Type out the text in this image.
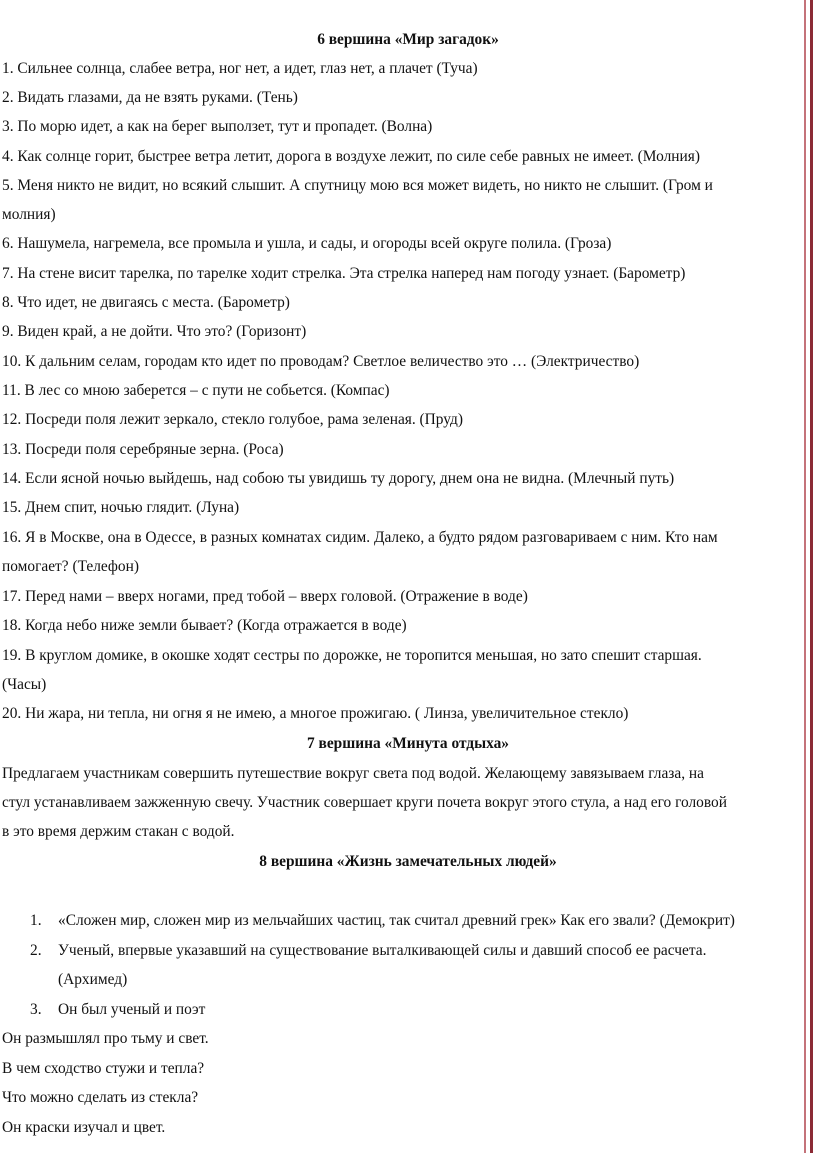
6 вершина «Мир загадок»
1. Сильнее солнца, слабее ветра, ног нет, а идет, глаз нет, а плачет (Туча)
2. Видать глазами, да не взять руками. (Тень)
3. По морю идет, а как на берег выползет, тут и пропадет. (Волна)
4. Как солнце горит, быстрее ветра летит, дорога в воздухе лежит, по силе себе равных не имеет. (Молния)
5. Меня никто не видит, но всякий слышит. А спутницу мою вся может видеть, но никто не слышит. (Гром и
молния)
6. Нашумела, нагремела, все промыла и ушла, и сады, и огороды всей округе полила. (Гроза)
7. На стене висит тарелка, по тарелке ходит стрелка. Эта стрелка наперед нам погоду узнает. (Барометр)
8. Что идет, не двигаясь с места. (Барометр)
9. Виден край, а не дойти. Что это? (Горизонт)
10. К дальним селам, городам кто идет по проводам? Светлое величество это … (Электричество)
11. В лес со мною заберется – с пути не собьется. (Компас)
12. Посреди поля лежит зеркало, стекло голубое, рама зеленая. (Пруд)
13. Посреди поля серебряные зерна. (Роса)
14. Если ясной ночью выйдешь, над собою ты увидишь ту дорогу, днем она не видна. (Млечный путь)
15. Днем спит, ночью глядит. (Луна)
16. Я в Москве, она в Одессе, в разных комнатах сидим. Далеко, а будто рядом разговариваем с ним. Кто нам
помогает? (Телефон)
17. Перед нами – вверх ногами, пред тобой – вверх головой. (Отражение в воде)
18. Когда небо ниже земли бывает? (Когда отражается в воде)
19. В круглом домике, в окошке ходят сестры по дорожке, не торопится меньшая, но зато спешит старшая.
(Часы)
20. Ни жара, ни тепла, ни огня я не имею, а многое прожигаю. ( Линза, увеличительное стекло)
7 вершина «Минута отдыха»
Предлагаем участникам совершить путешествие вокруг света под водой. Желающему завязываем глаза, на
стул устанавливаем зажженную свечу. Участник совершает круги почета вокруг этого стула, а над его головой
в это время держим стакан с водой.
8 вершина «Жизнь замечательных людей»
1. «Сложен мир, сложен мир из мельчайших частиц, так считал древний грек» Как его звали? (Демокрит)
2. Ученый, впервые указавший на существование выталкивающей силы и давший способ ее расчета.
(Архимед)
3. Он был ученый и поэт
Он размышлял про тьму и свет.
В чем сходство стужи и тепла?
Что можно сделать из стекла?
Он краски изучал и цвет.
